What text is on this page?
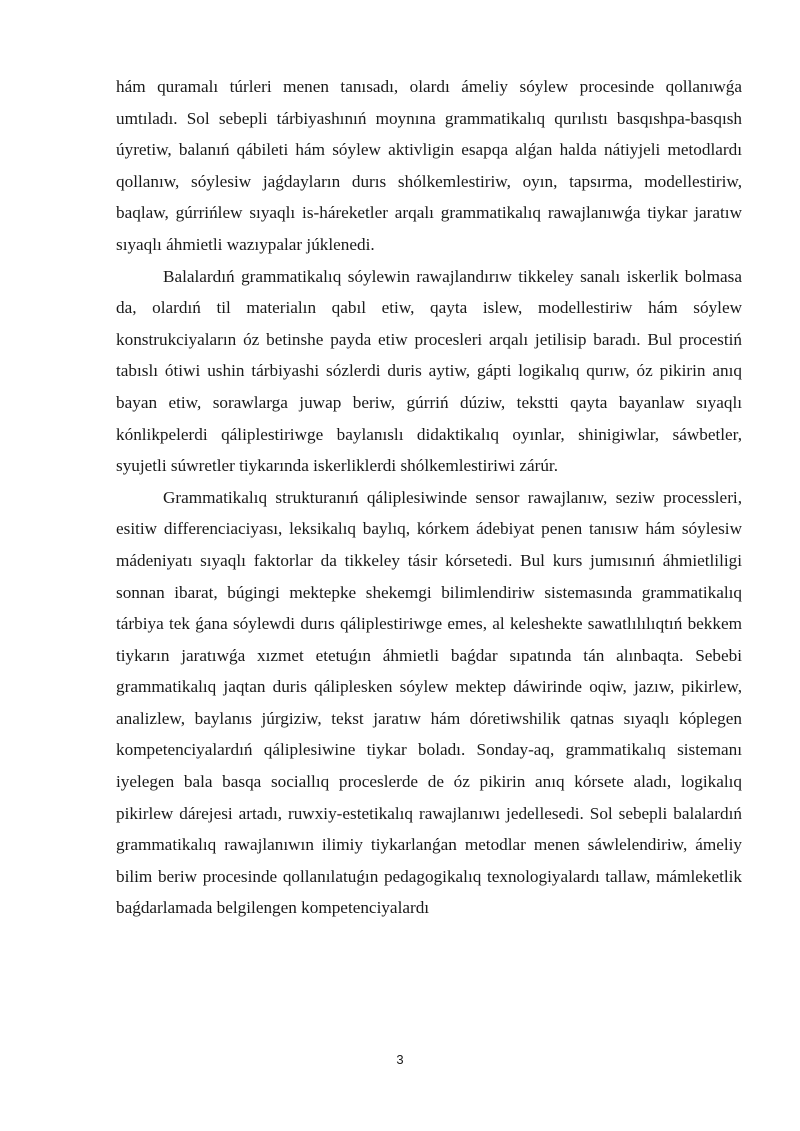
hám quramalı túrleri menen tanısadı, olardı ámeliy sóylew procesinde qollanıwǵa umtıladı. Sol sebepli tárbiyashınıń moynına grammatikalıq qurılıstı basqıshpa-basqısh úyretiw, balanıń qábileti hám sóylew aktivligin esapqa alǵan halda nátiyjeli metodlardı qollanıw, sóylesiw jaǵdayların durıs shólkemlestiriw, oyın, tapsırma, modellestiriw, baqlaw, gúrrińlew sıyaqlı is-háreketler arqalı grammatikalıq rawajlanıwǵa tiykar jaratıw sıyaqlı áhmietli wazıypalar júklenedi.

Balalardıń grammatikalıq sóylewin rawajlandırıw tikkeley sanalı iskerlik bolmasa da, olardıń til materialın qabıl etiw, qayta islew, modellestiriw hám sóylew konstrukciyaların óz betinshe payda etiw procesleri arqalı jetilisip baradı. Bul procestiń tabıslı ótiwi ushin tárbiyashi sózlerdi duris aytiw, gápti logikalıq qurıw, óz pikirin anıq bayan etiw, sorawlarga juwap beriw, gúrriń dúziw, tekstti qayta bayanlaw sıyaqlı kónlikpelerdi qáliplestiriwge baylanıslı didaktikalıq oyınlar, shinigiwlar, sáwbetler, syujetli súwretler tiykarında iskerliklerdi shólkemlestiriwi zárúr.

Grammatikalıq strukturanıń qáliplesiwinde sensor rawajlanıw, seziw processleri, esitiw differenciaciyası, leksikalıq baylıq, kórkem ádebiyat penen tanısıw hám sóylesiw mádeniyatı sıyaqlı faktorlar da tikkeley tásir kórsetedi. Bul kurs jumısınıń áhmietliligi sonnan ibarat, búgingi mektepke shekemgi bilimlendiriw sistemasında grammatikalıq tárbiya tek ǵana sóylewdi durıs qáliplestiriwge emes, al keleshekte sawatlılılıqtıń bekkem tiykarın jaratıwǵa xızmet etetuǵın áhmietli baǵdar sıpatında tán alınbaqta. Sebebi grammatikalıq jaqtan duris qáliplesken sóylew mektep dáwirinde oqiw, jazıw, pikirlew, analizlew, baylanıs júrgiziw, tekst jaratıw hám dóretiwshilik qatnas sıyaqlı kóplegen kompetenciyalardıń qáliplesiwine tiykar boladı. Sonday-aq, grammatikalıq sistemanı iyelegen bala basqa sociallıq proceslerde de óz pikirin anıq kórsete aladı, logikalıq pikirlew dárejesi artadı, ruwxiy-estetikalıq rawajlanıwı jedellesedi. Sol sebepli balalardıń grammatikalıq rawajlanıwın ilimiy tiykarlanǵan metodlar menen sáwlelendiriw, ámeliy bilim beriw procesinde qollanılatuǵın pedagogikalıq texnologiyalardı tallaw, mámleketlik baǵdarlamada belgilengen kompetenciyalardı

3
